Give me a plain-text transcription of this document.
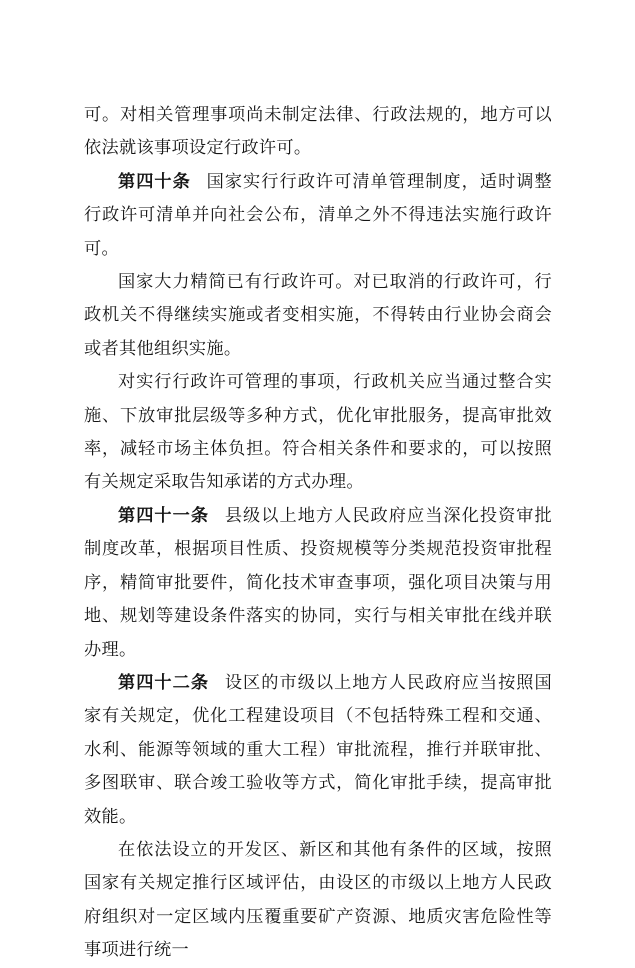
可。对相关管理事项尚未制定法律、行政法规的，地方可以依法就该事项设定行政许可。

第四十条 国家实行行政许可清单管理制度，适时调整行政许可清单并向社会公布，清单之外不得违法实施行政许可。

国家大力精简已有行政许可。对已取消的行政许可，行政机关不得继续实施或者变相实施，不得转由行业协会商会或者其他组织实施。

对实行行政许可管理的事项，行政机关应当通过整合实施、下放审批层级等多种方式，优化审批服务，提高审批效率，减轻市场主体负担。符合相关条件和要求的，可以按照有关规定采取告知承诺的方式办理。

第四十一条 县级以上地方人民政府应当深化投资审批制度改革，根据项目性质、投资规模等分类规范投资审批程序，精简审批要件，简化技术审查事项，强化项目决策与用地、规划等建设条件落实的协同，实行与相关审批在线并联办理。

第四十二条 设区的市级以上地方人民政府应当按照国家有关规定，优化工程建设项目（不包括特殊工程和交通、水利、能源等领域的重大工程）审批流程，推行并联审批、多图联审、联合竣工验收等方式，简化审批手续，提高审批效能。

在依法设立的开发区、新区和其他有条件的区域，按照国家有关规定推行区域评估，由设区的市级以上地方人民政府组织对一定区域内压覆重要矿产资源、地质灾害危险性等事项进行统一
